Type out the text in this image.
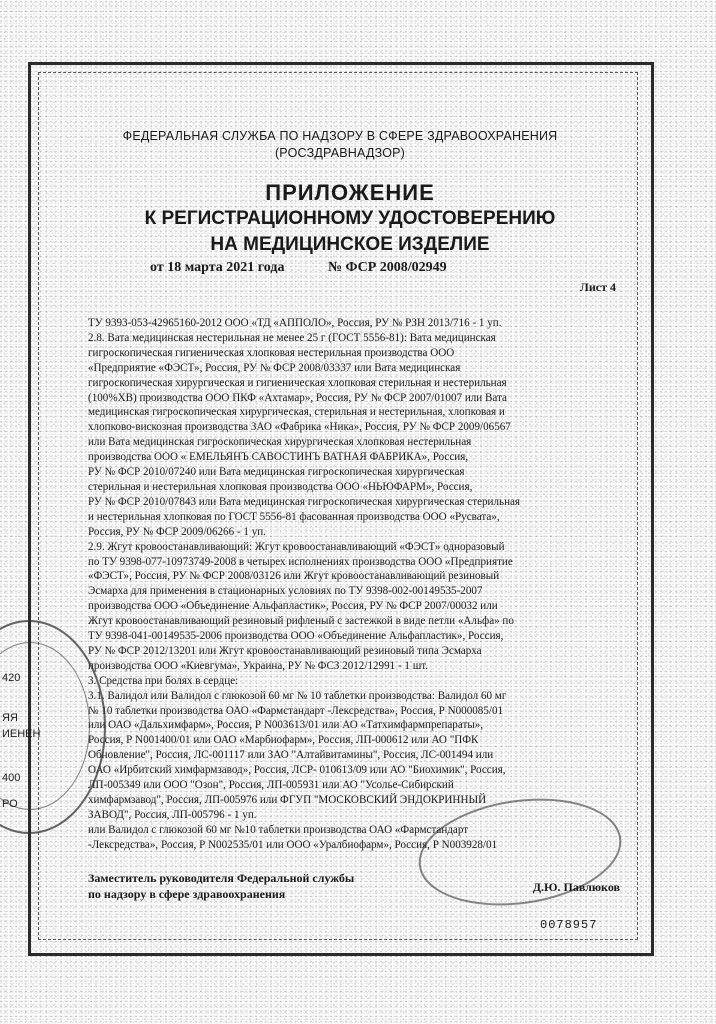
ФЕДЕРАЛЬНАЯ СЛУЖБА ПО НАДЗОРУ В СФЕРЕ ЗДРАВООХРАНЕНИЯ
(РОСЗДРАВНАДЗОР)
ПРИЛОЖЕНИЕ
К РЕГИСТРАЦИОННОМУ УДОСТОВЕРЕНИЮ
НА МЕДИЦИНСКОЕ ИЗДЕЛИЕ
от 18 марта 2021 года	№ ФСР 2008/02949
Лист 4
ТУ 9393-053-42965160-2012 ООО «ТД «АППОЛО», Россия, РУ № РЗН 2013/716 - 1 уп.
2.8. Вата медицинская нестерильная не менее 25 г (ГОСТ 5556-81): Вата медицинская
гигроскопическая гигиеническая хлопковая нестерильная производства ООО
«Предприятие «ФЭСТ», Россия, РУ № ФСР 2008/03337 или Вата медицинская
гигроскопическая хирургическая и гигиеническая хлопковая стерильная и нестерильная
(100%ХВ) производства ООО ПКФ «Ахтамар», Россия, РУ № ФСР 2007/01007 или Вата
медицинская гигроскопическая хирургическая, стерильная и нестерильная, хлопковая и
хлопково-вискозная производства ЗАО «Фабрика «Ника», Россия, РУ № ФСР 2009/06567
или Вата медицинская гигроскопическая хирургическая хлопковая нестерильная
производства ООО « ЕМЕЛЬЯНЪ САВОСТИНЪ ВАТНАЯ ФАБРИКА», Россия,
РУ № ФСР 2010/07240 или Вата медицинская гигроскопическая хирургическая
стерильная и нестерильная хлопковая производства ООО «НЬЮФАРМ», Россия,
РУ № ФСР 2010/07843 или Вата медицинская гигроскопическая хирургическая стерильная
и нестерильная хлопковая по ГОСТ 5556-81 фасованная производства ООО «Русвата»,
Россия, РУ № ФСР 2009/06266 - 1 уп.
2.9. Жгут кровоостанавливающий: Жгут кровоостанавливающий «ФЭСТ» одноразовый
по ТУ 9398-077-10973749-2008 в четырех исполнениях производства ООО «Предприятие
«ФЭСТ», Россия, РУ № ФСР 2008/03126 или Жгут кровоостанавливающий резиновый
Эсмарха для применения в стационарных условиях по ТУ 9398-002-00149535-2007
производства ООО «Объединение Альфапластик», Россия, РУ № ФСР 2007/00032 или
Жгут кровоостанавливающий резиновый рифленый с застежкой в виде петли «Альфа» по
ТУ 9398-041-00149535-2006 производства ООО «Объединение Альфапластик», Россия,
РУ № ФСР 2012/13201 или Жгут кровоостанавливающий резиновый типа Эсмарха
производства ООО «Киевгума», Украина, РУ № ФСЗ 2012/12991 - 1 шт.
3. Средства при болях в сердце:
3.1. Валидол или Валидол с глюкозой 60 мг № 10 таблетки производства: Валидол 60 мг
№ 10 таблетки производства ОАО «Фармстандарт -Лексредства», Россия, Р N000085/01
или ОАО «Дальхимфарм», Россия, Р N003613/01 или АО «Татхимфармпрепараты»,
Россия, Р N001400/01 или ОАО «Марбиофарм», Россия, ЛП-000612 или АО "ПФК
Обновление", Россия, ЛС-001117 или ЗАО "Алтайвитамины", Россия, ЛС-001494 или
ОАО «Ирбитский химфармзавод», Россия, ЛСР- 010613/09 или АО "Биохимик", Россия,
ЛП-005349 или ООО "Озон", Россия, ЛП-005931 или АО "Усолье-Сибирский
химфармзавод", Россия, ЛП-005976 или ФГУП "МОСКОВСКИЙ ЭНДОКРИННЫЙ
ЗАВОД", Россия, ЛП-005796 - 1 уп.
или Валидол с глюкозой 60 мг №10 таблетки производства ОАО «Фармстандарт
-Лексредства», Россия, Р N002535/01 или ООО «Уралбиофарм», Россия, Р N003928/01
ЯЯ
ИЕНЕН
420
400
РО
Заместитель руководителя Федеральной службы
по надзору в сфере здравоохранения	Д.Ю. Павлюков
0078957
